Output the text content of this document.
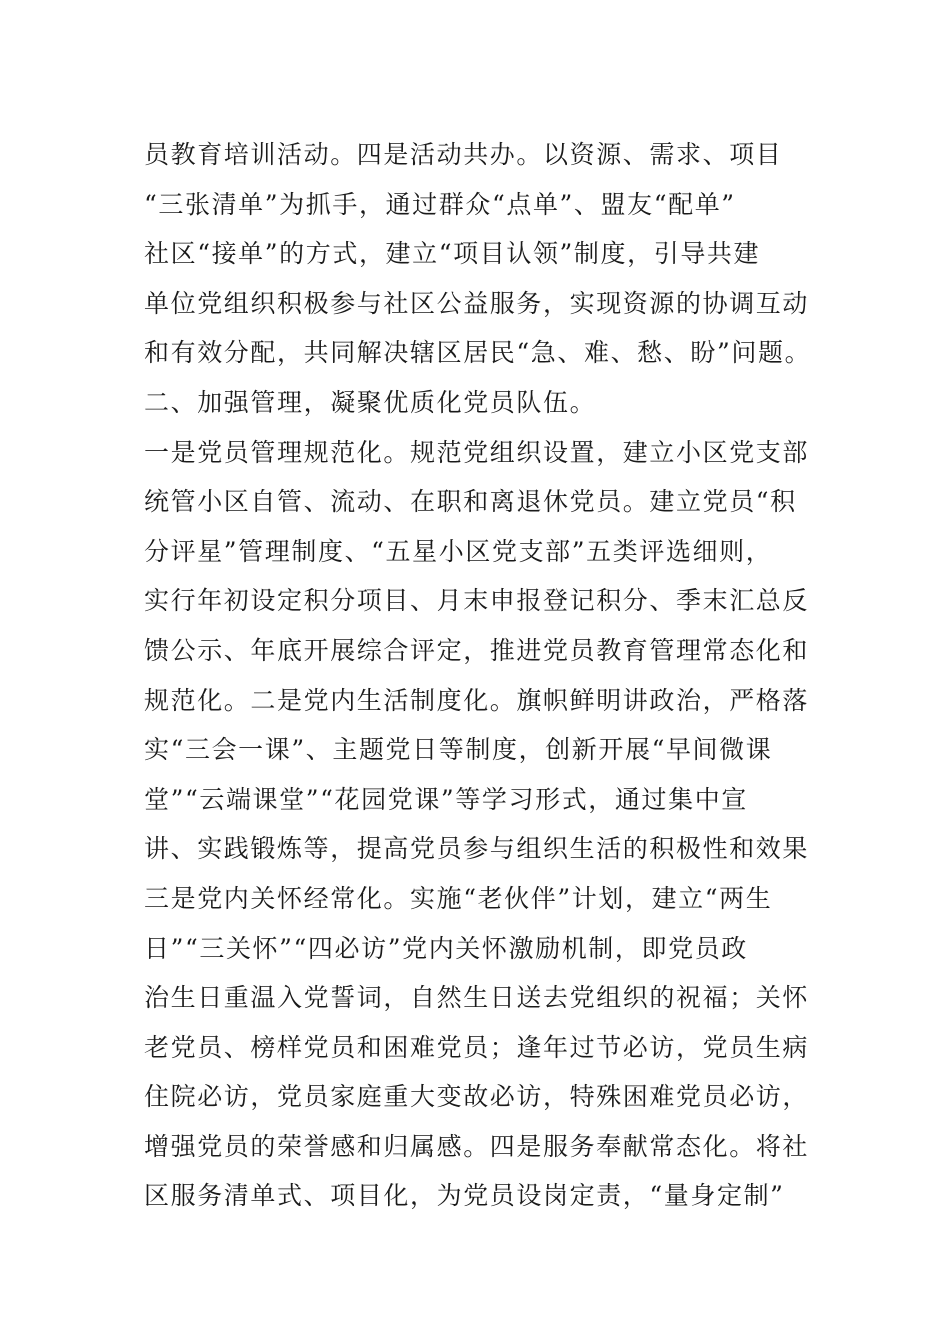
员教育培训活动。四是活动共办。以资源、需求、项目
“三张清单”为抓手，通过群众“点单”、盟友“配单”
社区“接单”的方式，建立“项目认领”制度，引导共建
单位党组织积极参与社区公益服务，实现资源的协调互动
和有效分配，共同解决辖区居民“急、难、愁、盼”问题。
二、加强管理，凝聚优质化党员队伍。
一是党员管理规范化。规范党组织设置，建立小区党支部
统管小区自管、流动、在职和离退休党员。建立党员“积
分评星”管理制度、“五星小区党支部”五类评选细则，
实行年初设定积分项目、月末申报登记积分、季末汇总反
馈公示、年底开展综合评定，推进党员教育管理常态化和
规范化。二是党内生活制度化。旗帜鲜明讲政治，严格落
实“三会一课”、主题党日等制度，创新开展“早间微课
堂”“云端课堂”“花园党课”等学习形式，通过集中宣
讲、实践锻炼等，提高党员参与组织生活的积极性和效果
三是党内关怀经常化。实施“老伙伴”计划，建立“两生
日”“三关怀”“四必访”党内关怀激励机制，即党员政
治生日重温入党誓词，自然生日送去党组织的祝福；关怀
老党员、榜样党员和困难党员；逢年过节必访，党员生病
住院必访，党员家庭重大变故必访，特殊困难党员必访，
增强党员的荣誉感和归属感。四是服务奉献常态化。将社
区服务清单式、项目化，为党员设岗定责，“量身定制”
